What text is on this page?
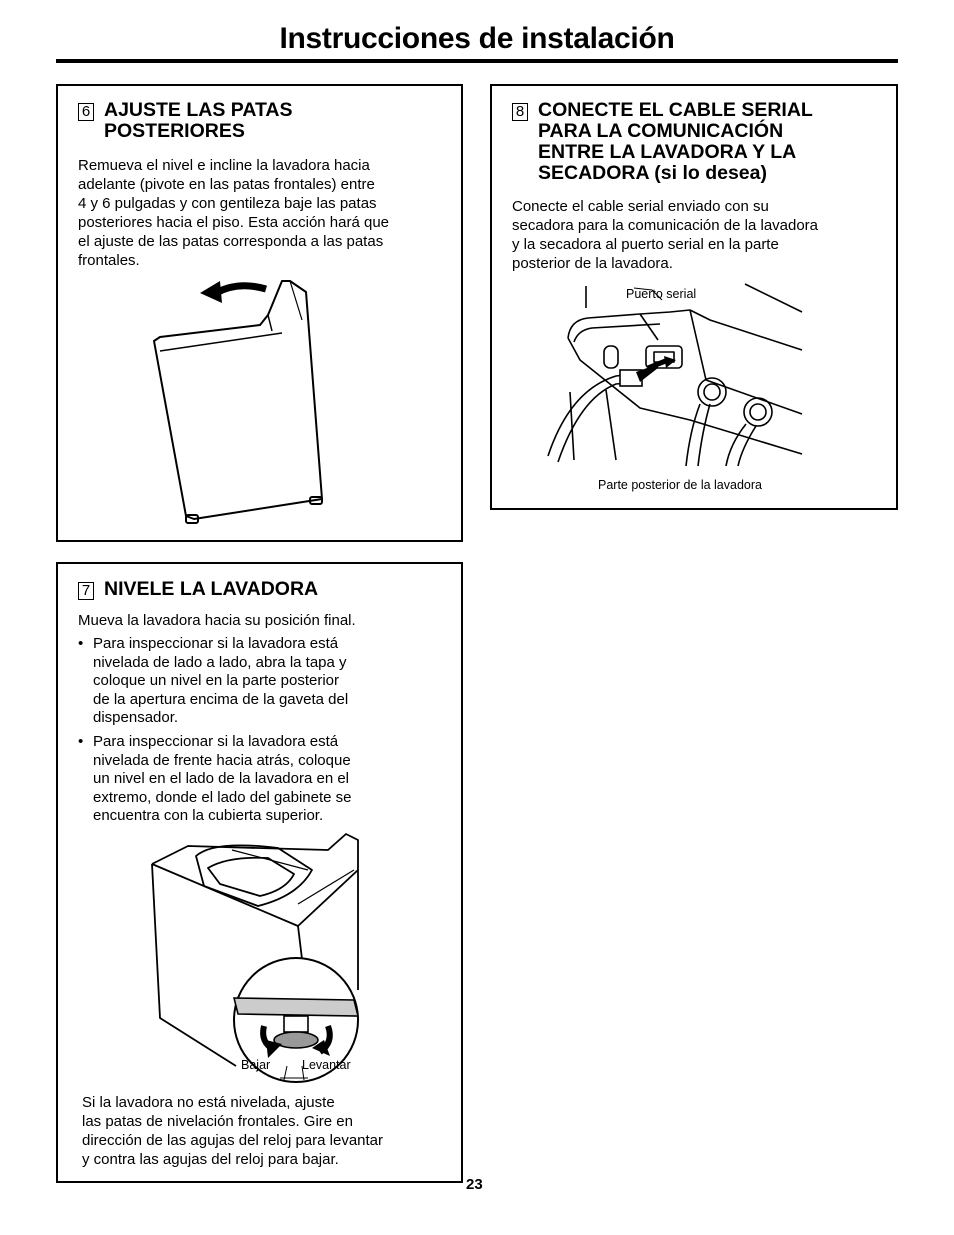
Instrucciones de instalación
6 AJUSTE LAS PATAS
POSTERIORES
Remueva el nivel e incline la lavadora hacia
adelante (pivote en las patas frontales) entre
4 y 6 pulgadas y con gentileza baje las patas
posteriores hacia el piso. Esta acción hará que
el ajuste de las patas corresponda a las patas
frontales.
8 CONECTE EL CABLE SERIAL
PARA LA COMUNICACIÓN
ENTRE LA LAVADORA Y LA
SECADORA (si lo desea)
Conecte el cable serial enviado con su
secadora para la comunicación de la lavadora
y la secadora al puerto serial en la parte
posterior de la lavadora.
Puerto serial
Parte posterior de la lavadora
7 NIVELE LA LAVADORA
Mueva la lavadora hacia su posición final.
• Para inspeccionar si la lavadora está
nivelada de lado a lado, abra la tapa y
coloque un nivel en la parte posterior
de la apertura encima de la gaveta del
dispensador.
• Para inspeccionar si la lavadora está
nivelada de frente hacia atrás, coloque
un nivel en el lado de la lavadora en el
extremo, donde el lado del gabinete se
encuentra con la cubierta superior.
Bajar	Levantar
Si la lavadora no está nivelada, ajuste
las patas de nivelación frontales. Gire en
dirección de las agujas del reloj para levantar
y contra las agujas del reloj para bajar.
23
